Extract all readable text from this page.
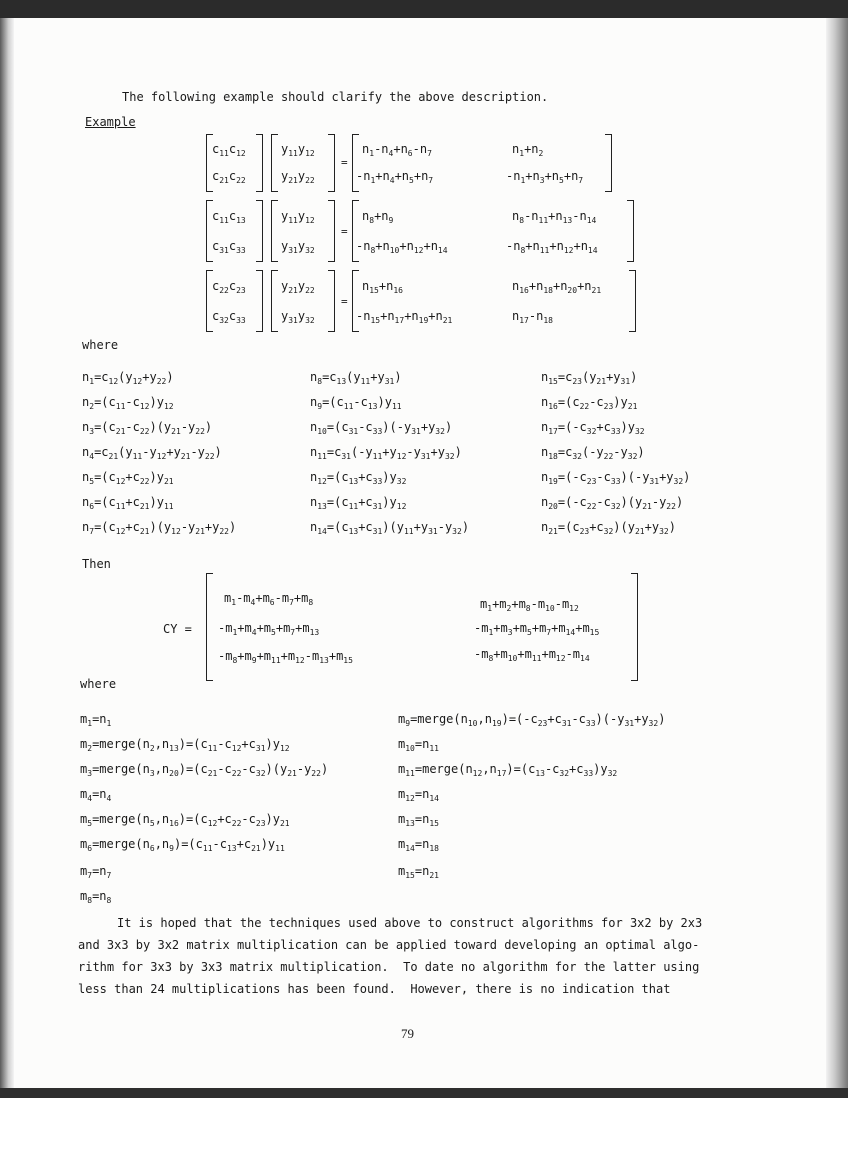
The following example should clarify the above description.
Example
$c_{11}c_{12}$
$c_{21}c_{22}$
$y_{11}y_{12}$
$y_{21}y_{22}$
=
$n_1-n_4+n_6-n_7$
$-n_1+n_4+n_5+n_7$
$n_1+n_2$
$-n_1+n_3+n_5+n_7$
$c_{11}c_{13}$
$c_{31}c_{33}$
$y_{11}y_{12}$
$y_{31}y_{32}$
=
$n_8+n_9$
$-n_8+n_{10}+n_{12}+n_{14}$
$n_8-n_{11}+n_{13}-n_{14}$
$-n_8+n_{11}+n_{12}+n_{14}$
$c_{22}c_{23}$
$c_{32}c_{33}$
$y_{21}y_{22}$
$y_{31}y_{32}$
=
$n_{15}+n_{16}$
$-n_{15}+n_{17}+n_{19}+n_{21}$
$n_{16}+n_{18}+n_{20}+n_{21}$
$n_{17}-n_{18}$
where
$n_1=c_{12}(y_{12}+y_{22})$
$n_2=(c_{11}-c_{12})y_{12}$
$n_3=(c_{21}-c_{22})(y_{21}-y_{22})$
$n_4=c_{21}(y_{11}-y_{12}+y_{21}-y_{22})$
$n_5=(c_{12}+c_{22})y_{21}$
$n_6=(c_{11}+c_{21})y_{11}$
$n_7=(c_{12}+c_{21})(y_{12}-y_{21}+y_{22})$
$n_8=c_{13}(y_{11}+y_{31})$
$n_9=(c_{11}-c_{13})y_{11}$
$n_{10}=(c_{31}-c_{33})(-y_{31}+y_{32})$
$n_{11}=c_{31}(-y_{11}+y_{12}-y_{31}+y_{32})$
$n_{12}=(c_{13}+c_{33})y_{32}$
$n_{13}=(c_{11}+c_{31})y_{12}$
$n_{14}=(c_{13}+c_{31})(y_{11}+y_{31}-y_{32})$
$n_{15}=c_{23}(y_{21}+y_{31})$
$n_{16}=(c_{22}-c_{23})y_{21}$
$n_{17}=(-c_{32}+c_{33})y_{32}$
$n_{18}=c_{32}(-y_{22}-y_{32})$
$n_{19}=(-c_{23}-c_{33})(-y_{31}+y_{32})$
$n_{20}=(-c_{22}-c_{32})(y_{21}-y_{22})$
$n_{21}=(c_{23}+c_{32})(y_{21}+y_{32})$
Then
CY =
$m_1-m_4+m_6-m_7+m_8$
$-m_1+m_4+m_5+m_7+m_{13}$
$-m_8+m_9+m_{11}+m_{12}-m_{13}+m_{15}$
$m_1+m_2+m_8-m_{10}-m_{12}$
$-m_1+m_3+m_5+m_7+m_{14}+m_{15}$
$-m_8+m_{10}+m_{11}+m_{12}-m_{14}$
where
$m_1=n_1$
$m_2=merge(n_2,n_{13})=(c_{11}-c_{12}+c_{31})y_{12}$
$m_3=merge(n_3,n_{20})=(c_{21}-c_{22}-c_{32})(y_{21}-y_{22})$
$m_4=n_4$
$m_5=merge(n_5,n_{16})=(c_{12}+c_{22}-c_{23})y_{21}$
$m_6=merge(n_6,n_9)=(c_{11}-c_{13}+c_{21})y_{11}$
$m_7=n_7$
$m_8=n_8$
$m_9=merge(n_{10},n_{19})=(-c_{23}+c_{31}-c_{33})(-y_{31}+y_{32})$
$m_{10}=n_{11}$
$m_{11}=merge(n_{12},n_{17})=(c_{13}-c_{32}+c_{33})y_{32}$
$m_{12}=n_{14}$
$m_{13}=n_{15}$
$m_{14}=n_{18}$
$m_{15}=n_{21}$
It is hoped that the techniques used above to construct algorithms for 3x2 by 2x3
and 3x3 by 3x2 matrix multiplication can be applied toward developing an optimal algo-
rithm for 3x3 by 3x3 matrix multiplication.  To date no algorithm for the latter using
less than 24 multiplications has been found.  However, there is no indication that
79
